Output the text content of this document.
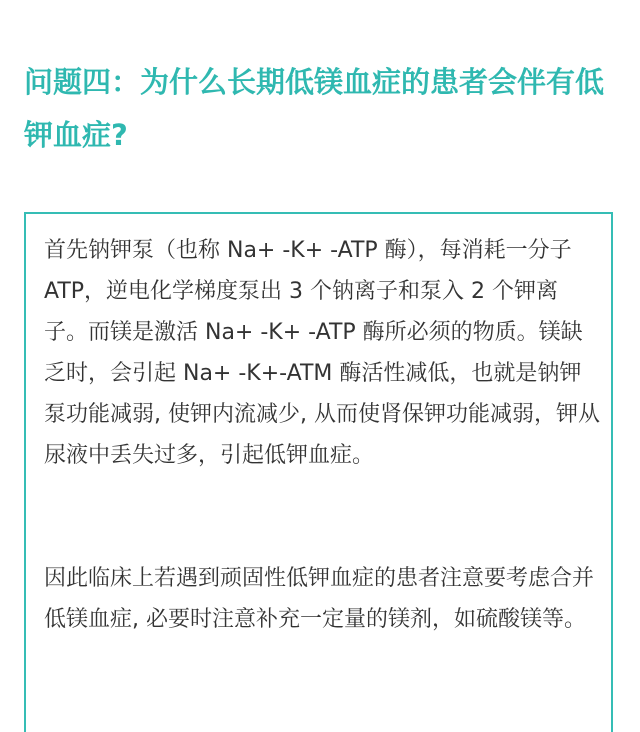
问题四：为什么长期低镁血症的患者会伴有低钾血症?

首先钠钾泵（也称 Na+ -K+ -ATP 酶），每消耗一分子 ATP，逆电化学梯度泵出 3 个钠离子和泵入 2 个钾离子。而镁是激活 Na+ -K+ -ATP 酶所必须的物质。镁缺乏时，会引起 Na+ -K+-ATM 酶活性减低，也就是钠钾泵功能减弱, 使钾内流减少, 从而使肾保钾功能减弱，钾从尿液中丢失过多，引起低钾血症。

因此临床上若遇到顽固性低钾血症的患者注意要考虑合并低镁血症, 必要时注意补充一定量的镁剂，如硫酸镁等。
